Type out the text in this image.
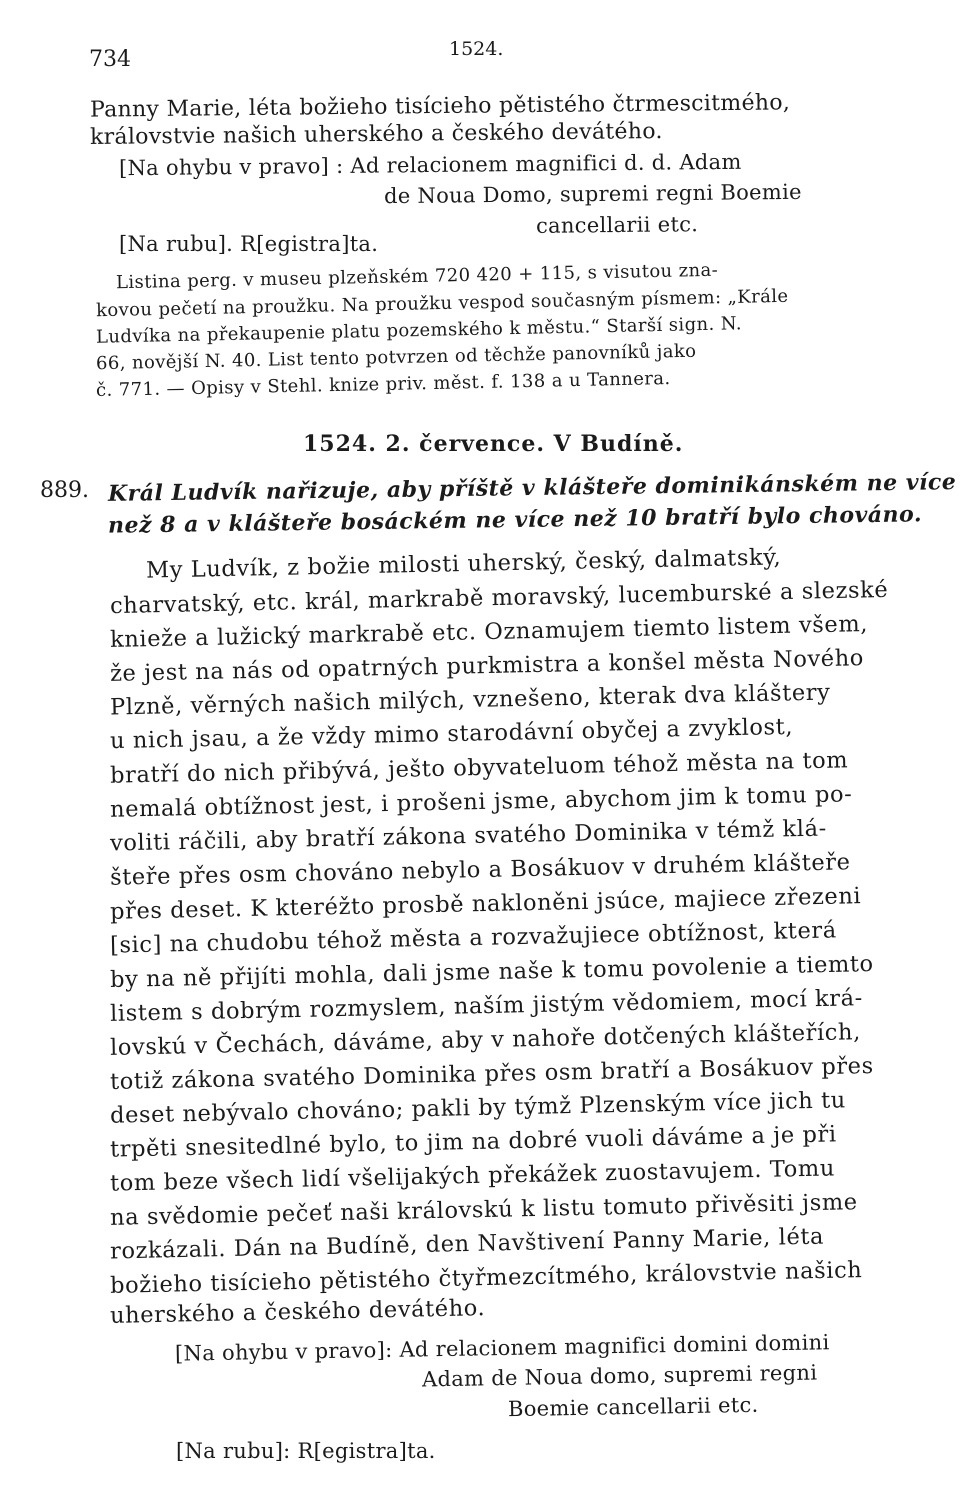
734	1524.
Panny Marie, léta božieho tisícieho pětistého čtrmescitmého,
královstvie našich uherského a českého devátého.
[Na ohybu v pravo] : Ad relacionem magnifici d. d. Adam
de Noua Domo, supremi regni Boemie
cancellarii etc.
[Na rubu]. R[egistra]ta.
Listina perg. v museu plzeňském 720 420 + 115, s visutou zna-
kovou pečetí na proužku. Na proužku vespod současným písmem: „Krále
Ludvíka na překaupenie platu pozemského k městu.“ Starší sign. N.
66, novější N. 40. List tento potvrzen od těchže panovníků jako
č. 771. — Opisy v Stehl. knize priv. měst. f. 138 a u Tannera.
1524. 2. července. V Budíně.
889. Král Ludvík nařizuje, aby příště v klášteře dominikánském ne více
než 8 a v klášteře bosáckém ne více než 10 bratří bylo chováno.
My Ludvík, z božie milosti uherský, český, dalmatský,
charvatský, etc. král, markrabě moravský, lucemburské a slezské
knieže a lužický markrabě etc. Oznamujem tiemto listem všem,
že jest na nás od opatrných purkmistra a konšel města Nového
Plzně, věrných našich milých, vznešeno, kterak dva kláštery
u nich jsau, a že vždy mimo starodávní obyčej a zvyklost,
bratří do nich přibývá, ješto obyvateluom téhož města na tom
nemalá obtížnost jest, i prošeni jsme, abychom jim k tomu po-
voliti ráčili, aby bratří zákona svatého Dominika v témž klá-
šteře přes osm chováno nebylo a Bosákuov v druhém klášteře
přes deset. K kteréžto prosbě nakloněni jsúce, majiece zřezeni
[sic] na chudobu téhož města a rozvažujiece obtížnost, která
by na ně přijíti mohla, dali jsme naše k tomu povolenie a tiemto
listem s dobrým rozmyslem, naším jistým vědomiem, mocí krá-
lovskú v Čechách, dáváme, aby v nahoře dotčených klášteřích,
totiž zákona svatého Dominika přes osm bratří a Bosákuov přes
deset nebývalo chováno; pakli by týmž Plzenským více jich tu
trpěti snesitedlné bylo, to jim na dobré vuoli dáváme a je při
tom beze všech lidí všelijakých překážek zuostavujem. Tomu
na svědomie pečeť naši královskú k listu tomuto přivěsiti jsme
rozkázali. Dán na Budíně, den Navštivení Panny Marie, léta
božieho tisícieho pětistého čtyřmezcítmého, královstvie našich
uherského a českého devátého.
[Na ohybu v pravo]: Ad relacionem magnifici domini domini
Adam de Noua domo, supremi regni
Boemie cancellarii etc.
[Na rubu]: R[egistra]ta.
